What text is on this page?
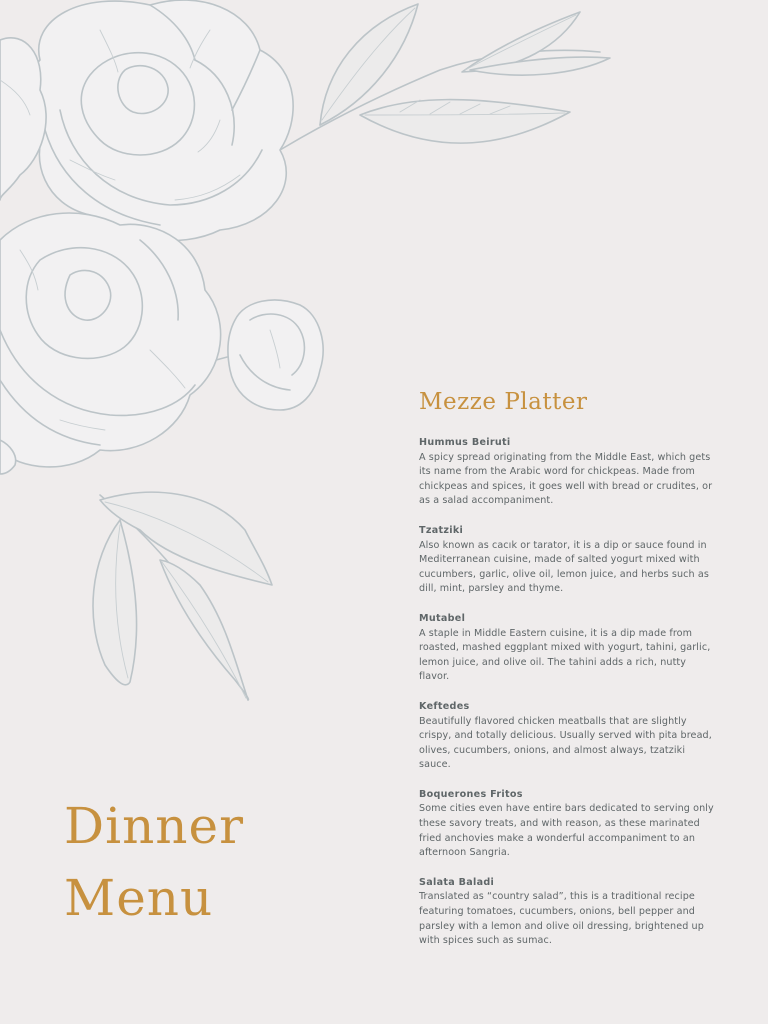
Dinner
Menu
Mezze Platter
Hummus Beiruti

A spicy spread originating from the Middle East, which gets its name from the Arabic word for chickpeas. Made from chickpeas and spices, it goes well with bread or crudites, or as a salad accompaniment.

Tzatziki

Also known as cacık or tarator, it is a dip or sauce found in Mediterranean cuisine, made of salted yogurt mixed with cucumbers, garlic, olive oil, lemon juice, and herbs such as dill, mint, parsley and thyme.

Mutabel

A staple in Middle Eastern cuisine, it is a dip made from roasted, mashed eggplant mixed with yogurt, tahini, garlic, lemon juice, and olive oil. The tahini adds a rich, nutty flavor.

Keftedes

Beautifully flavored chicken meatballs that are slightly crispy, and totally delicious. Usually served with pita bread, olives, cucumbers, onions, and almost always, tzatziki sauce.

Boquerones Fritos

Some cities even have entire bars dedicated to serving only these savory treats, and with reason, as these marinated fried anchovies make a wonderful accompaniment to an afternoon Sangria.

Salata Baladi

Translated as “country salad”, this is a traditional recipe featuring tomatoes, cucumbers, onions, bell pepper and parsley with a lemon and olive oil dressing, brightened up with spices such as sumac.
